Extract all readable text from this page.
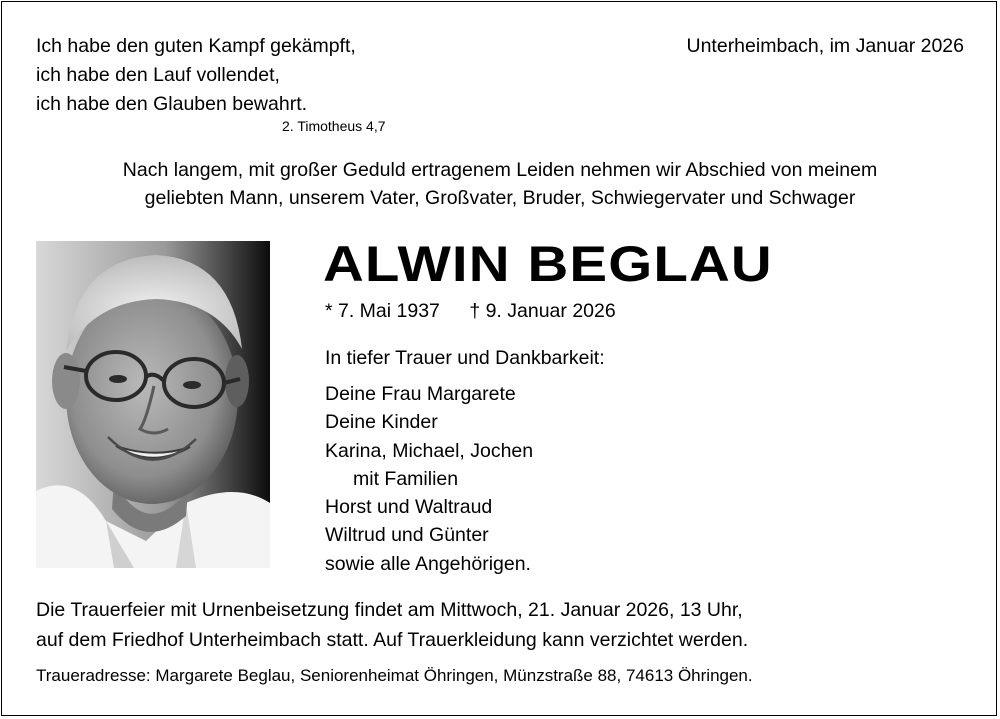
Ich habe den guten Kampf gekämpft,
ich habe den Lauf vollendet,
ich habe den Glauben bewahrt.
2. Timotheus 4,7
Unterheimbach, im Januar 2026
Nach langem, mit großer Geduld ertragenem Leiden nehmen wir Abschied von meinem
geliebten Mann, unserem Vater, Großvater, Bruder, Schwiegervater und Schwager
ALWIN BEGLAU
* 7. Mai 1937 † 9. Januar 2026
In tiefer Trauer und Dankbarkeit:
Deine Frau Margarete
Deine Kinder
Karina, Michael, Jochen
mit Familien
Horst und Waltraud
Wiltrud und Günter
sowie alle Angehörigen.
Die Trauerfeier mit Urnenbeisetzung findet am Mittwoch, 21. Januar 2026, 13 Uhr,
auf dem Friedhof Unterheimbach statt. Auf Trauerkleidung kann verzichtet werden.
Traueradresse: Margarete Beglau, Seniorenheimat Öhringen, Münzstraße 88, 74613 Öhringen.
